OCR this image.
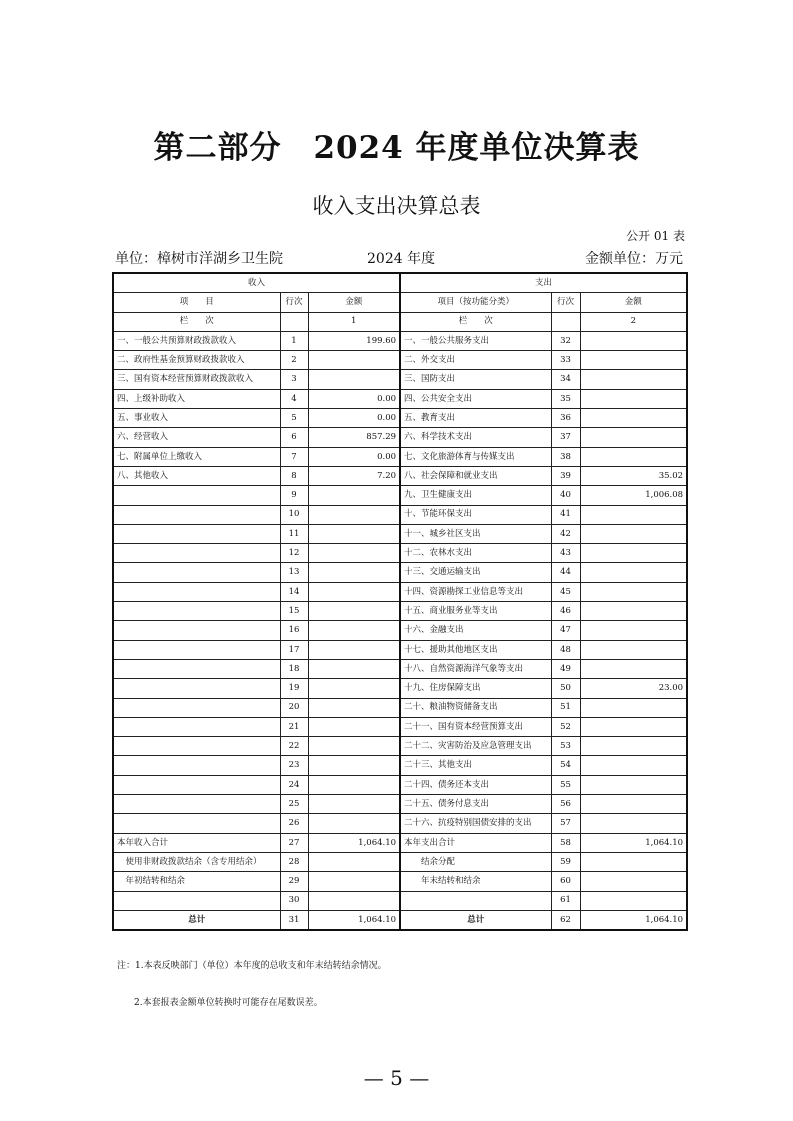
第二部分　2024 年度单位决算表
收入支出决算总表
公开 01 表
单位：樟树市洋湖乡卫生院	2024 年度	金额单位：万元
收入			支出		
项　　目	行次	金额	项目（按功能分类）	行次	金额
栏　　次		1	栏　　次		2
一、一般公共预算财政拨款收入	1	199.60	一、一般公共服务支出	32	
二、政府性基金预算财政拨款收入	2		二、外交支出	33	
三、国有资本经营预算财政拨款收入	3		三、国防支出	34	
四、上级补助收入	4	0.00	四、公共安全支出	35	
五、事业收入	5	0.00	五、教育支出	36	
六、经营收入	6	857.29	六、科学技术支出	37	
七、附属单位上缴收入	7	0.00	七、文化旅游体育与传媒支出	38	
八、其他收入	8	7.20	八、社会保障和就业支出	39	35.02
	9		九、卫生健康支出	40	1,006.08
	10		十、节能环保支出	41	
	11		十一、城乡社区支出	42	
	12		十二、农林水支出	43	
	13		十三、交通运输支出	44	
	14		十四、资源勘探工业信息等支出	45	
	15		十五、商业服务业等支出	46	
	16		十六、金融支出	47	
	17		十七、援助其他地区支出	48	
	18		十八、自然资源海洋气象等支出	49	
	19		十九、住房保障支出	50	23.00
	20		二十、粮油物资储备支出	51	
	21		二十一、国有资本经营预算支出	52	
	22		二十二、灾害防治及应急管理支出	53	
	23		二十三、其他支出	54	
	24		二十四、债务还本支出	55	
	25		二十五、债务付息支出	56	
	26		二十六、抗疫特别国债安排的支出	57	
本年收入合计	27	1,064.10	本年支出合计	58	1,064.10
　使用非财政拨款结余（含专用结余）	28		　　结余分配	59	
　年初结转和结余	29		　　年末结转和结余	60	
	30			61	
总计	31	1,064.10	总计	62	1,064.10
注：1.本表反映部门（单位）本年度的总收支和年末结转结余情况。
2.本套报表金额单位转换时可能存在尾数误差。
— 5 —
